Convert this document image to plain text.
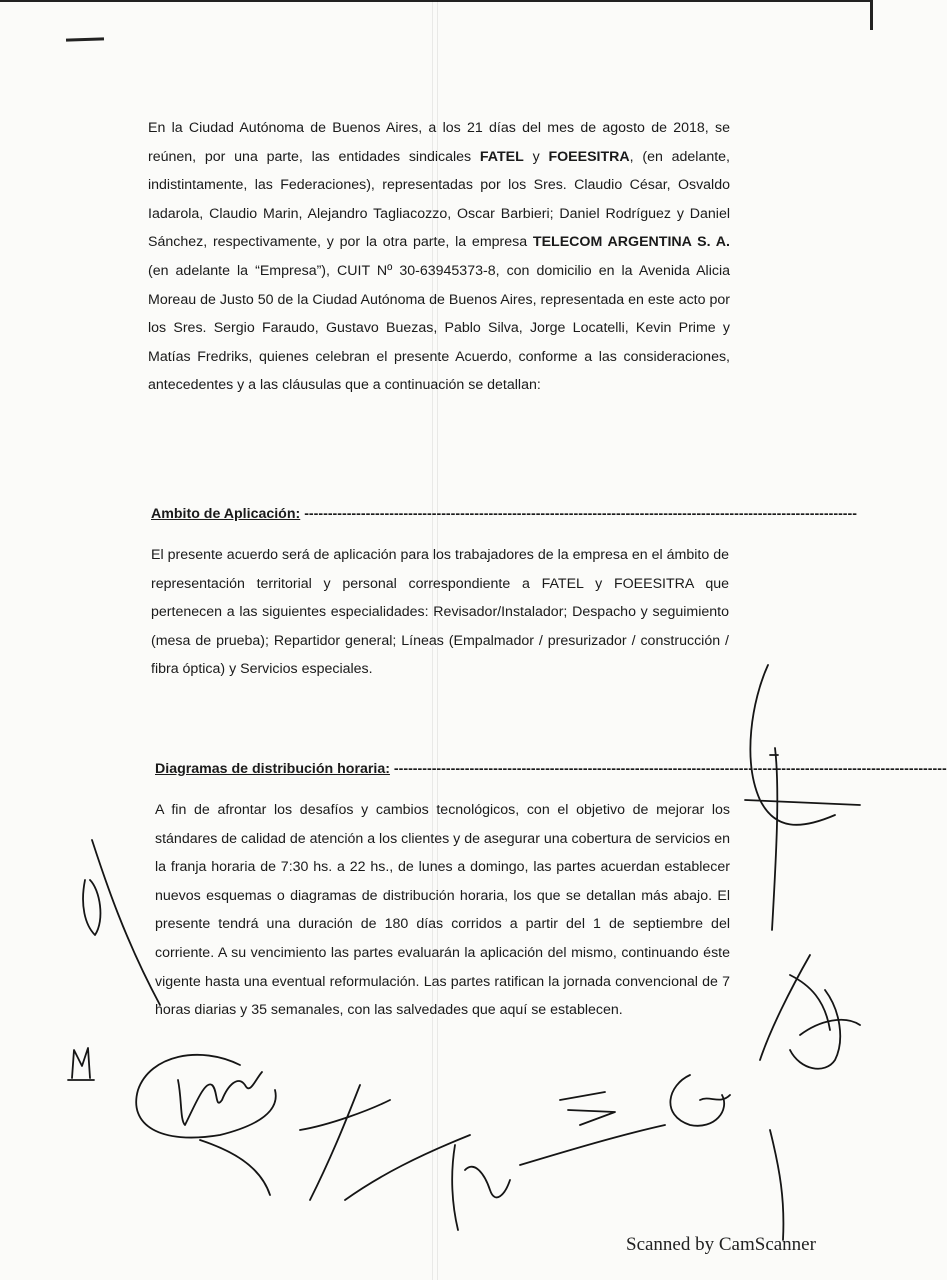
En la Ciudad Autónoma de Buenos Aires, a los 21 días del mes de agosto de 2018, se reúnen, por una parte, las entidades sindicales FATEL y FOEESITRA, (en adelante, indistintamente, las Federaciones), representadas por los Sres. Claudio César, Osvaldo Iadarola, Claudio Marin, Alejandro Tagliacozzo, Oscar Barbieri; Daniel Rodríguez y Daniel Sánchez, respectivamente, y por la otra parte, la empresa TELECOM ARGENTINA S. A. (en adelante la “Empresa”), CUIT Nº 30-63945373-8, con domicilio en la Avenida Alicia Moreau de Justo 50 de la Ciudad Autónoma de Buenos Aires, representada en este acto por los Sres. Sergio Faraudo, Gustavo Buezas, Pablo Silva, Jorge Locatelli, Kevin Prime y Matías Fredriks, quienes celebran el presente Acuerdo, conforme a las consideraciones, antecedentes y a las cláusulas que a continuación se detallan:

Ambito de Aplicación: ---------------------------------------------------------------------------------------------------------------------

El presente acuerdo será de aplicación para los trabajadores de la empresa en el ámbito de representación territorial y personal correspondiente a FATEL y FOEESITRA que pertenecen a las siguientes especialidades: Revisador/Instalador; Despacho y seguimiento (mesa de prueba); Repartidor general; Líneas (Empalmador / presurizador / construcción / fibra óptica) y Servicios especiales.

Diagramas de distribución horaria: ---------------------------------------------------------------------------------------------------------------------

A fin de afrontar los desafíos y cambios tecnológicos, con el objetivo de mejorar los stándares de calidad de atención a los clientes y de asegurar una cobertura de servicios en la franja horaria de 7:30 hs. a 22 hs., de lunes a domingo, las partes acuerdan establecer nuevos esquemas o diagramas de distribución horaria, los que se detallan más abajo. El presente tendrá una duración de 180 días corridos a partir del 1 de septiembre del corriente. A su vencimiento las partes evaluarán la aplicación del mismo, continuando éste vigente hasta una eventual reformulación. Las partes ratifican la jornada convencional de 7 horas diarias y 35 semanales, con las salvedades que aquí se establecen.

Scanned by CamScanner
